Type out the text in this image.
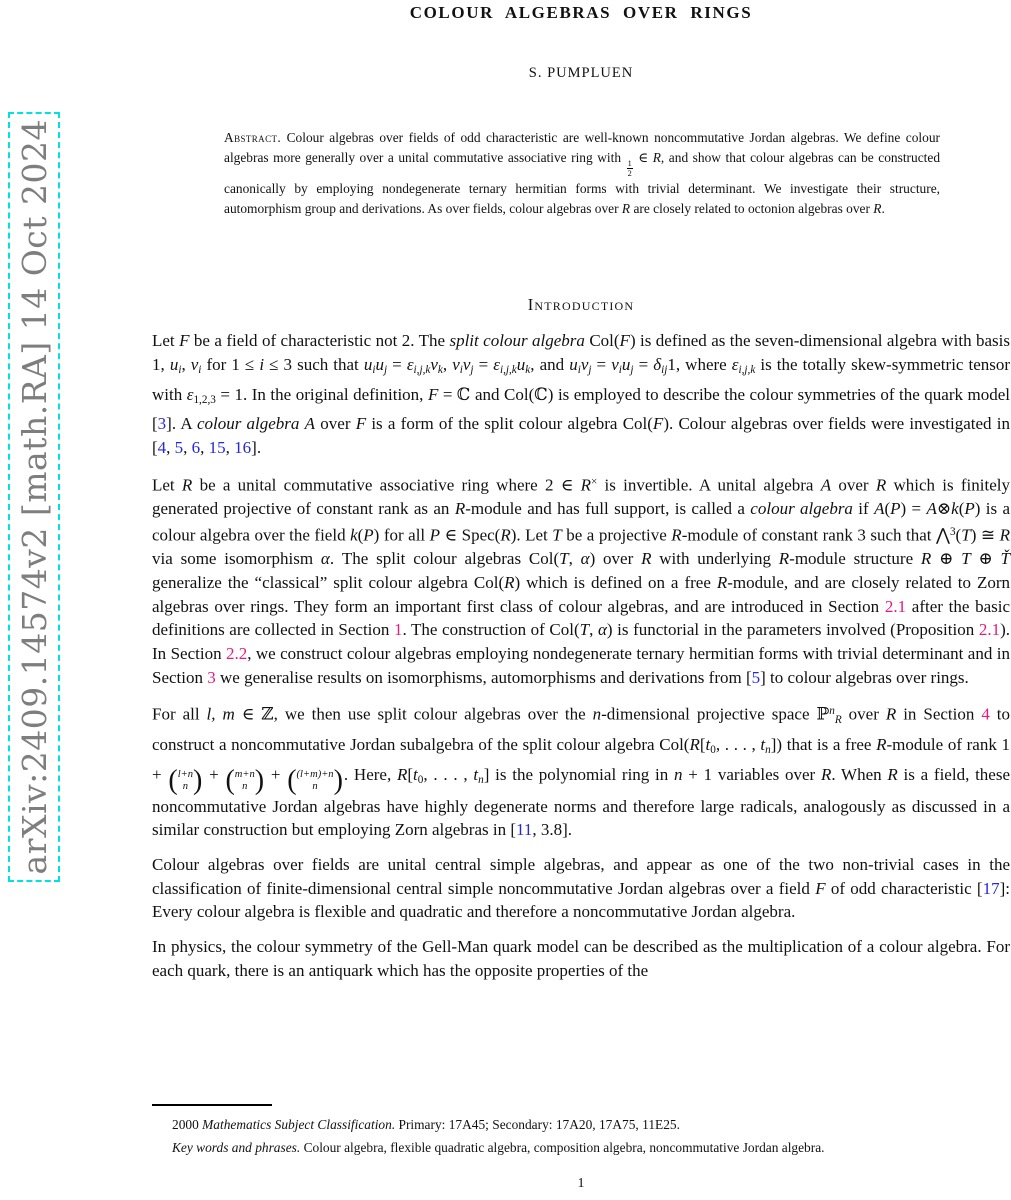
arXiv:2409.14574v2 [math.RA] 14 Oct 2024
COLOUR ALGEBRAS OVER RINGS
S. PUMPLUEN
Abstract. Colour algebras over fields of odd characteristic are well-known noncommutative Jordan algebras. We define colour algebras more generally over a unital commutative associative ring with
$\frac{1}{2}$
∈ R, and show that colour algebras can be constructed canonically by employing nondegenerate ternary hermitian forms with trivial determinant. We investigate their structure, automorphism group and derivations. As over fields, colour algebras over R are closely related to octonion algebras over R.
Introduction

Let F be a field of characteristic not 2. The split colour algebra Col(F) is defined as the seven-dimensional algebra with basis 1, $u_i$, $v_i$ for 1 ≤ i ≤ 3 such that $u_iu_j = \varepsilon_{i,j,k}v_k$, $v_iv_j = \varepsilon_{i,j,k}u_k$, and $u_iv_j = v_iu_j = \delta_{ij}1$, where $\varepsilon_{i,j,k}$ is the totally skew-symmetric tensor with ε1,2,3 = 1. In the original definition, F = ℂ and Col(ℂ) is employed to describe the colour symmetries of the quark model [3]. A colour algebra A over F is a form of the split colour algebra Col(F). Colour algebras over fields were investigated in [4, 5, 6, 15, 16].

Let R be a unital commutative associative ring where 2 ∈ R× is invertible. A unital algebra A over R which is finitely generated projective of constant rank as an R-module and has full support, is called a colour algebra if A(P) = A⊗k(P) is a colour algebra over the field k(P) for all P ∈ Spec(R). Let T be a projective R-module of constant rank 3 such that ⋀$^3$(T) ≅ R via some isomorphism α. The split colour algebras Col(T, α) over R with underlying R-module structure R ⊕ T ⊕ Ť generalize the “classical” split colour algebra Col(R) which is defined on a free R-module, and are closely related to Zorn algebras over rings. They form an important first class of colour algebras, and are introduced in Section 2.1 after the basic definitions are collected in Section 1. The construction of Col(T, α) is functorial in the parameters involved (Proposition 2.1). In Section 2.2, we construct colour algebras employing nondegenerate ternary hermitian forms with trivial determinant and in Section 3 we generalise results on isomorphisms, automorphisms and derivations from [5] to colour algebras over rings.

For all l, m ∈ ℤ, we then use split colour algebras over the n-dimensional projective space ℙ$^n$R over R in Section 4 to construct a noncommutative Jordan subalgebra of the split colour algebra Col(R[t0, . . . , $t_n$]) that is a free R-module of rank 1 + ( l+n
n ) + ( m+n
n ) + ( (l+m)+n
n ) . Here, R[t0, . . . , $t_n$] is the polynomial ring in n + 1 variables over R. When R is a field, these noncommutative Jordan algebras have highly degenerate norms and therefore large radicals, analogously as discussed in a similar construction but employing Zorn algebras in [11, 3.8].

Colour algebras over fields are unital central simple algebras, and appear as one of the two non-trivial cases in the classification of finite-dimensional central simple noncommutative Jordan algebras over a field F of odd characteristic [17]: Every colour algebra is flexible and quadratic and therefore a noncommutative Jordan algebra.

In physics, the colour symmetry of the Gell-Man quark model can be described as the multiplication of a colour algebra. For each quark, there is an antiquark which has the opposite properties of the

2000 Mathematics Subject Classification. Primary: 17A45; Secondary: 17A20, 17A75, 11E25.

Key words and phrases. Colour algebra, flexible quadratic algebra, composition algebra, noncommutative Jordan algebra.

1
